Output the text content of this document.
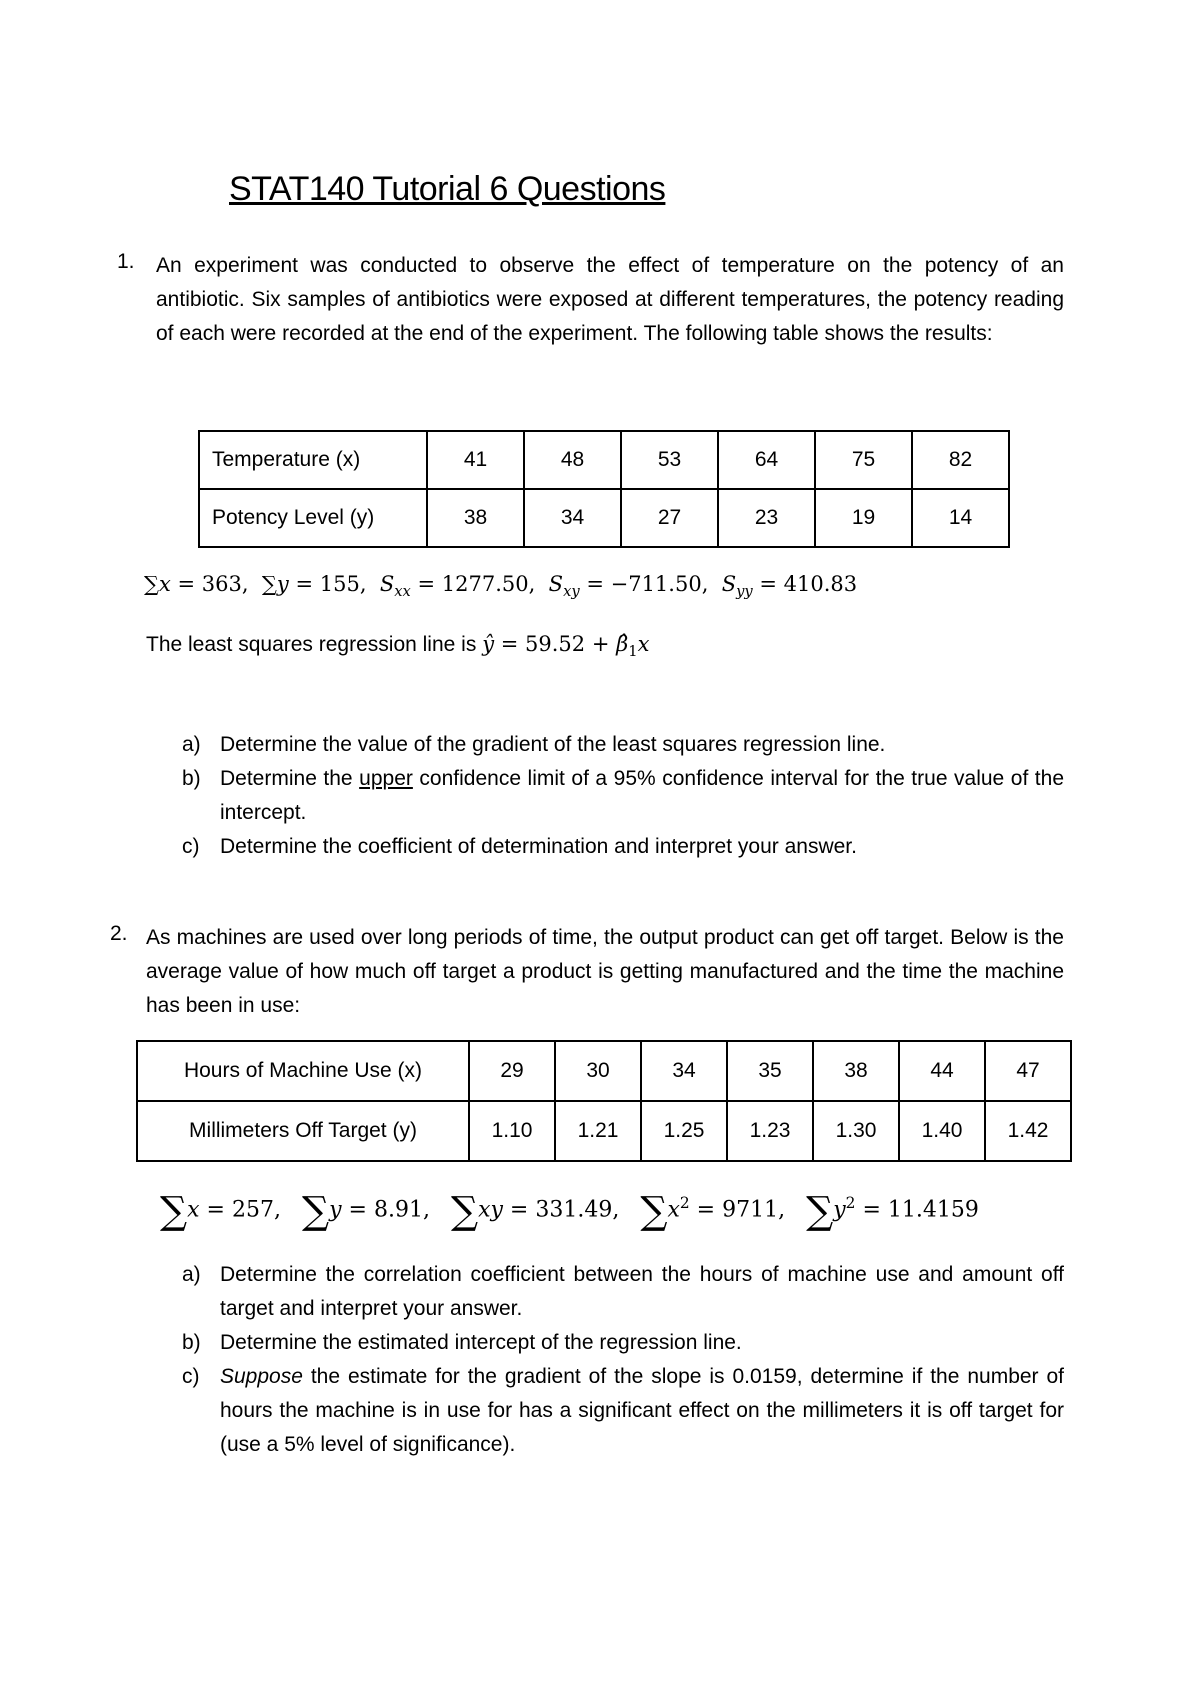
STAT140 Tutorial 6 Questions
1. An experiment was conducted to observe the effect of temperature on the potency of an antibiotic. Six samples of antibiotics were exposed at different temperatures, the potency reading of each were recorded at the end of the experiment. The following table shows the results:
Temperature (x)	41	48	53	64	75	82
Potency Level (y)	38	34	27	23	19	14
∑x = 363,  ∑y = 155,  $S_{xx} = 1277.50$,  $S_{xy} = -711.50$,  $S_{yy} = 410.83$
The least squares regression line is ŷ = $59.52 + \betâ_1x$
a) Determine the value of the gradient of the least squares regression line.
b) Determine the upper confidence limit of a 95% confidence interval for the true value of the intercept.
c) Determine the coefficient of determination and interpret your answer.
2. As machines are used over long periods of time, the output product can get off target. Below is the average value of how much off target a product is getting manufactured and the time the machine has been in use:
Hours of Machine Use (x)	29	30	34	35	38	44	47
Millimeters Off Target (y)	1.10	1.21	1.25	1.23	1.30	1.40	1.42
∑x = 257,   ∑y = 8.91,   ∑xy = 331.49,   $\sum x^2 = 9711$,   $\sum y^2 = 11.4159$
a) Determine the correlation coefficient between the hours of machine use and amount off target and interpret your answer.
b) Determine the estimated intercept of the regression line.
c) Suppose the estimate for the gradient of the slope is 0.0159, determine if the number of hours the machine is in use for has a significant effect on the millimeters it is off target for (use a 5% level of significance).
